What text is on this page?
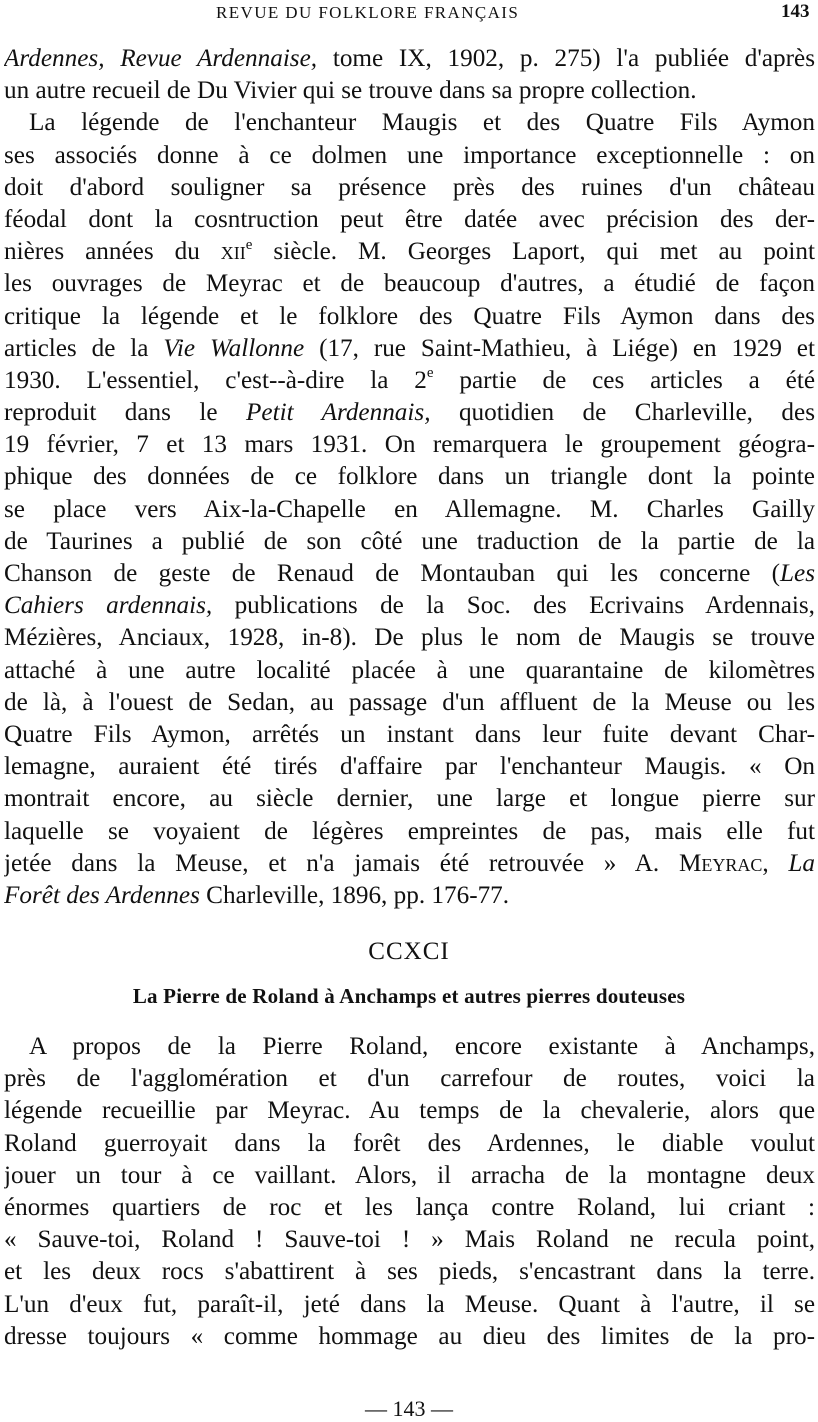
REVUE DU FOLKLORE FRANÇAIS	143
Ardennes, Revue Ardennaise, tome IX, 1902, p. 275) l'a publiée d'après
un autre recueil de Du Vivier qui se trouve dans sa propre collection.
La légende de l'enchanteur Maugis et des Quatre Fils Aymon
ses associés donne à ce dolmen une importance exceptionnelle : on
doit d'abord souligner sa présence près des ruines d'un château
féodal dont la cosntruction peut être datée avec précision des der-
nières années du xii$^e$ siècle. M. Georges Laport, qui met au point
les ouvrages de Meyrac et de beaucoup d'autres, a étudié de façon
critique la légende et le folklore des Quatre Fils Aymon dans des
articles de la Vie Wallonne (17, rue Saint-Mathieu, à Liége) en 1929 et
1930. L'essentiel, c'est--à-dire la 2e partie de ces articles a été
reproduit dans le Petit Ardennais, quotidien de Charleville, des
19 février, 7 et 13 mars 1931. On remarquera le groupement géogra-
phique des données de ce folklore dans un triangle dont la pointe
se place vers Aix-la-Chapelle en Allemagne. M. Charles Gailly
de Taurines a publié de son côté une traduction de la partie de la
Chanson de geste de Renaud de Montauban qui les concerne (Les
Cahiers ardennais, publications de la Soc. des Ecrivains Ardennais,
Mézières, Anciaux, 1928, in-8). De plus le nom de Maugis se trouve
attaché à une autre localité placée à une quarantaine de kilomètres
de là, à l'ouest de Sedan, au passage d'un affluent de la Meuse ou les
Quatre Fils Aymon, arrêtés un instant dans leur fuite devant Char-
lemagne, auraient été tirés d'affaire par l'enchanteur Maugis. « On
montrait encore, au siècle dernier, une large et longue pierre sur
laquelle se voyaient de légères empreintes de pas, mais elle fut
jetée dans la Meuse, et n'a jamais été retrouvée » A. Meyrac, La
Forêt des Ardennes Charleville, 1896, pp. 176-77.
CCXCI
La Pierre de Roland à Anchamps et autres pierres douteuses
A propos de la Pierre Roland, encore existante à Anchamps,
près de l'agglomération et d'un carrefour de routes, voici la
légende recueillie par Meyrac. Au temps de la chevalerie, alors que
Roland guerroyait dans la forêt des Ardennes, le diable voulut
jouer un tour à ce vaillant. Alors, il arracha de la montagne deux
énormes quartiers de roc et les lança contre Roland, lui criant :
« Sauve-toi, Roland ! Sauve-toi ! » Mais Roland ne recula point,
et les deux rocs s'abattirent à ses pieds, s'encastrant dans la terre.
L'un d'eux fut, paraît-il, jeté dans la Meuse. Quant à l'autre, il se
dresse toujours « comme hommage au dieu des limites de la pro-
— 143 —
